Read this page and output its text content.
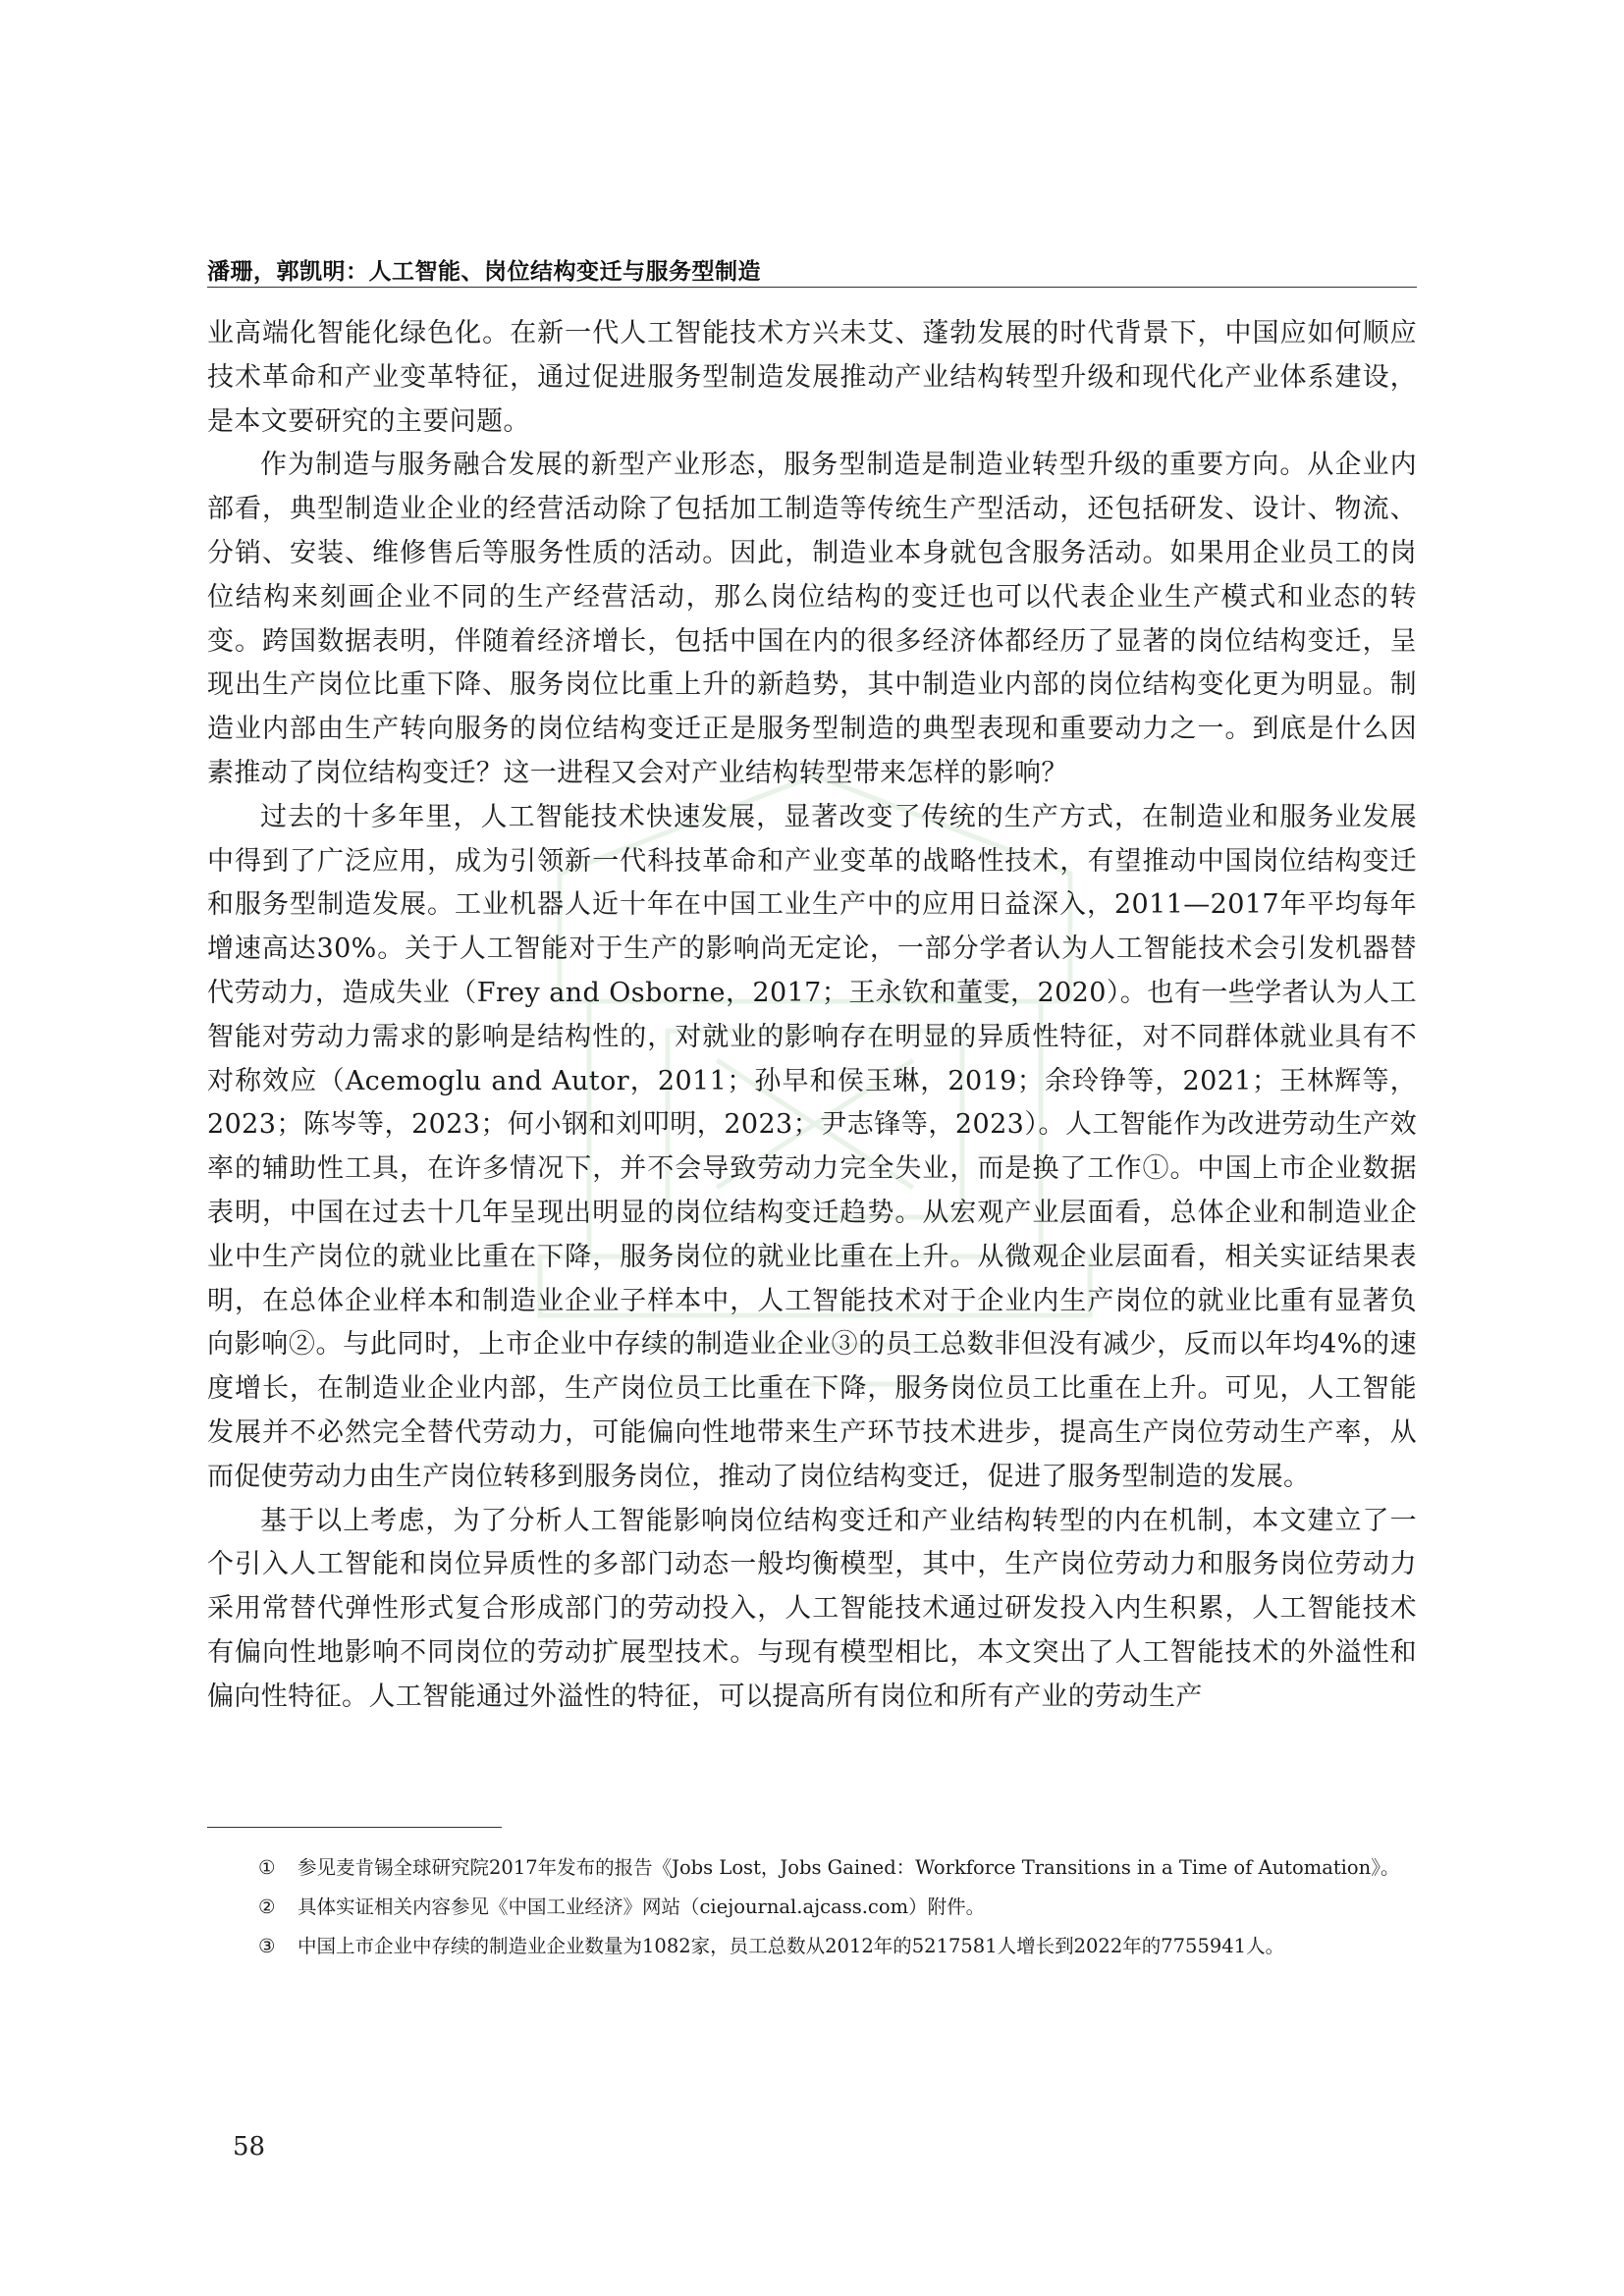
潘珊，郭凯明：人工智能、岗位结构变迁与服务型制造

业高端化智能化绿色化。在新一代人工智能技术方兴未艾、蓬勃发展的时代背景下，中国应如何顺应技术革命和产业变革特征，通过促进服务型制造发展推动产业结构转型升级和现代化产业体系建设，是本文要研究的主要问题。

作为制造与服务融合发展的新型产业形态，服务型制造是制造业转型升级的重要方向。从企业内部看，典型制造业企业的经营活动除了包括加工制造等传统生产型活动，还包括研发、设计、物流、分销、安装、维修售后等服务性质的活动。因此，制造业本身就包含服务活动。如果用企业员工的岗位结构来刻画企业不同的生产经营活动，那么岗位结构的变迁也可以代表企业生产模式和业态的转变。跨国数据表明，伴随着经济增长，包括中国在内的很多经济体都经历了显著的岗位结构变迁，呈现出生产岗位比重下降、服务岗位比重上升的新趋势，其中制造业内部的岗位结构变化更为明显。制造业内部由生产转向服务的岗位结构变迁正是服务型制造的典型表现和重要动力之一。到底是什么因素推动了岗位结构变迁？这一进程又会对产业结构转型带来怎样的影响？

过去的十多年里，人工智能技术快速发展，显著改变了传统的生产方式，在制造业和服务业发展中得到了广泛应用，成为引领新一代科技革命和产业变革的战略性技术，有望推动中国岗位结构变迁和服务型制造发展。工业机器人近十年在中国工业生产中的应用日益深入，2011—2017年平均每年增速高达30%。关于人工智能对于生产的影响尚无定论，一部分学者认为人工智能技术会引发机器替代劳动力，造成失业（Frey and Osborne，2017；王永钦和董雯，2020）。也有一些学者认为人工智能对劳动力需求的影响是结构性的，对就业的影响存在明显的异质性特征，对不同群体就业具有不对称效应（Acemoglu and Autor，2011；孙早和侯玉琳，2019；余玲铮等，2021；王林辉等，2023；陈岑等，2023；何小钢和刘叩明，2023；尹志锋等，2023）。人工智能作为改进劳动生产效率的辅助性工具，在许多情况下，并不会导致劳动力完全失业，而是换了工作①。中国上市企业数据表明，中国在过去十几年呈现出明显的岗位结构变迁趋势。从宏观产业层面看，总体企业和制造业企业中生产岗位的就业比重在下降，服务岗位的就业比重在上升。从微观企业层面看，相关实证结果表明，在总体企业样本和制造业企业子样本中，人工智能技术对于企业内生产岗位的就业比重有显著负向影响②。与此同时，上市企业中存续的制造业企业③的员工总数非但没有减少，反而以年均4%的速度增长，在制造业企业内部，生产岗位员工比重在下降，服务岗位员工比重在上升。可见，人工智能发展并不必然完全替代劳动力，可能偏向性地带来生产环节技术进步，提高生产岗位劳动生产率，从而促使劳动力由生产岗位转移到服务岗位，推动了岗位结构变迁，促进了服务型制造的发展。

基于以上考虑，为了分析人工智能影响岗位结构变迁和产业结构转型的内在机制，本文建立了一个引入人工智能和岗位异质性的多部门动态一般均衡模型，其中，生产岗位劳动力和服务岗位劳动力采用常替代弹性形式复合形成部门的劳动投入，人工智能技术通过研发投入内生积累，人工智能技术有偏向性地影响不同岗位的劳动扩展型技术。与现有模型相比，本文突出了人工智能技术的外溢性和偏向性特征。人工智能通过外溢性的特征，可以提高所有岗位和所有产业的劳动生产

① 参见麦肯锡全球研究院2017年发布的报告《Jobs Lost，Jobs Gained：Workforce Transitions in a Time of Automation》。
② 具体实证相关内容参见《中国工业经济》网站（ciejournal.ajcass.com）附件。
③ 中国上市企业中存续的制造业企业数量为1082家，员工总数从2012年的5217581人增长到2022年的7755941人。
58
